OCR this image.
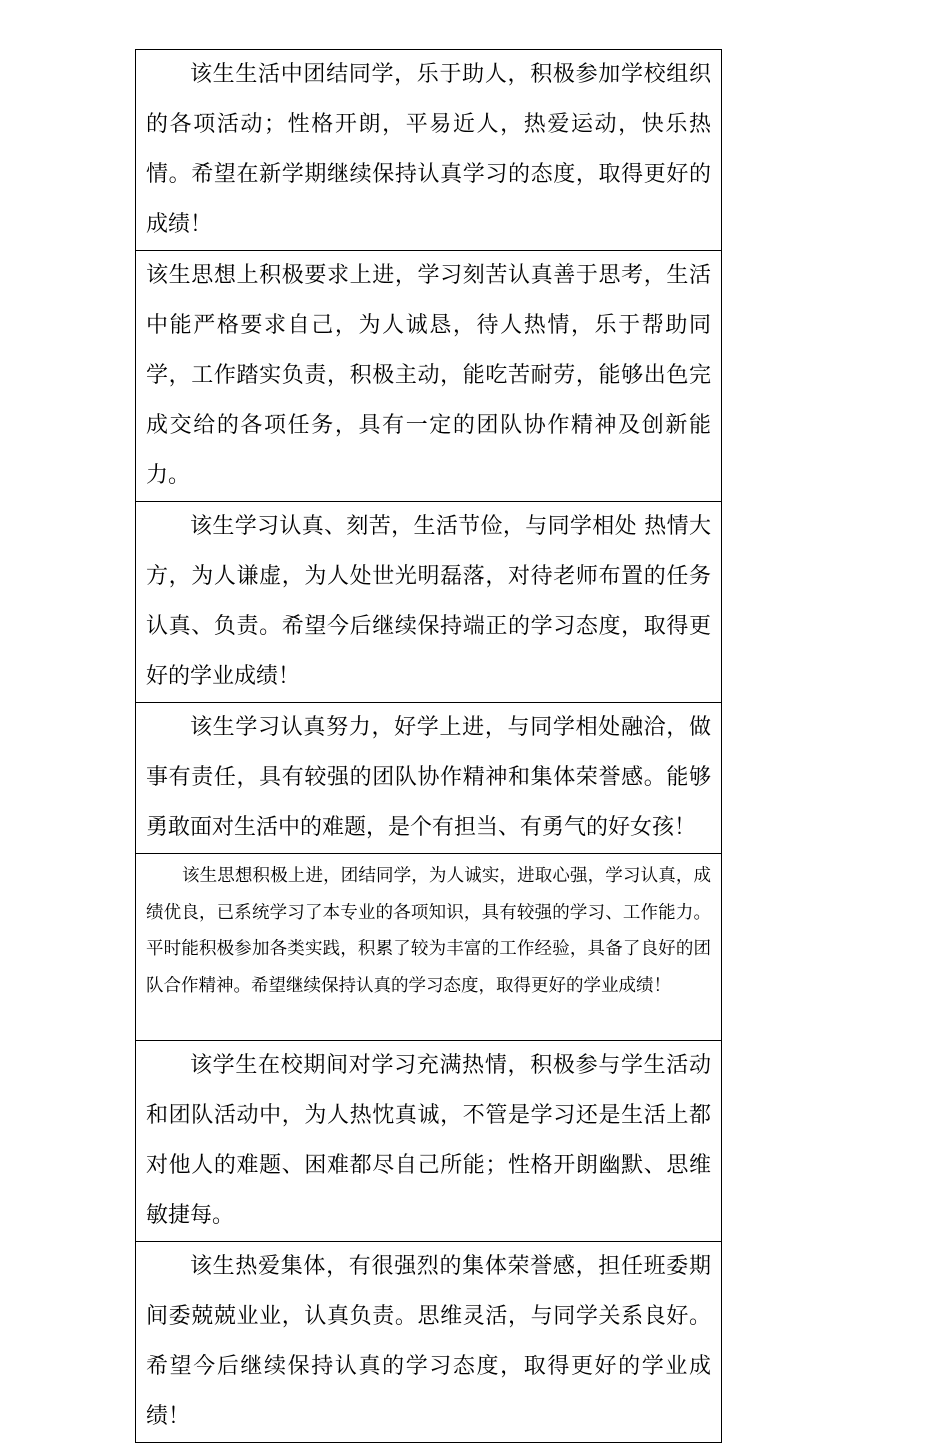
该生生活中团结同学，乐于助人，积极参加学校组织的各项活动；性格开朗，平易近人，热爱运动，快乐热情。希望在新学期继续保持认真学习的态度，取得更好的成绩！
该生思想上积极要求上进，学习刻苦认真善于思考，生活中能严格要求自己，为人诚恳，待人热情，乐于帮助同学，工作踏实负责，积极主动，能吃苦耐劳，能够出色完成交给的各项任务，具有一定的团队协作精神及创新能力。
该生学习认真、刻苦，生活节俭，与同学相处 热情大方，为人谦虚，为人处世光明磊落，对待老师布置的任务认真、负责。希望今后继续保持端正的学习态度，取得更好的学业成绩！
该生学习认真努力，好学上进，与同学相处融洽，做事有责任，具有较强的团队协作精神和集体荣誉感。能够勇敢面对生活中的难题，是个有担当、有勇气的好女孩！
该生思想积极上进，团结同学，为人诚实，进取心强，学习认真，成绩优良，已系统学习了本专业的各项知识，具有较强的学习、工作能力。平时能积极参加各类实践，积累了较为丰富的工作经验，具备了良好的团队合作精神。希望继续保持认真的学习态度，取得更好的学业成绩！
该学生在校期间对学习充满热情，积极参与学生活动和团队活动中，为人热忱真诚，不管是学习还是生活上都对他人的难题、困难都尽自己所能；性格开朗幽默、思维敏捷每。
该生热爱集体，有很强烈的集体荣誉感，担任班委期间委兢兢业业，认真负责。思维灵活，与同学关系良好。希望今后继续保持认真的学习态度，取得更好的学业成绩！
